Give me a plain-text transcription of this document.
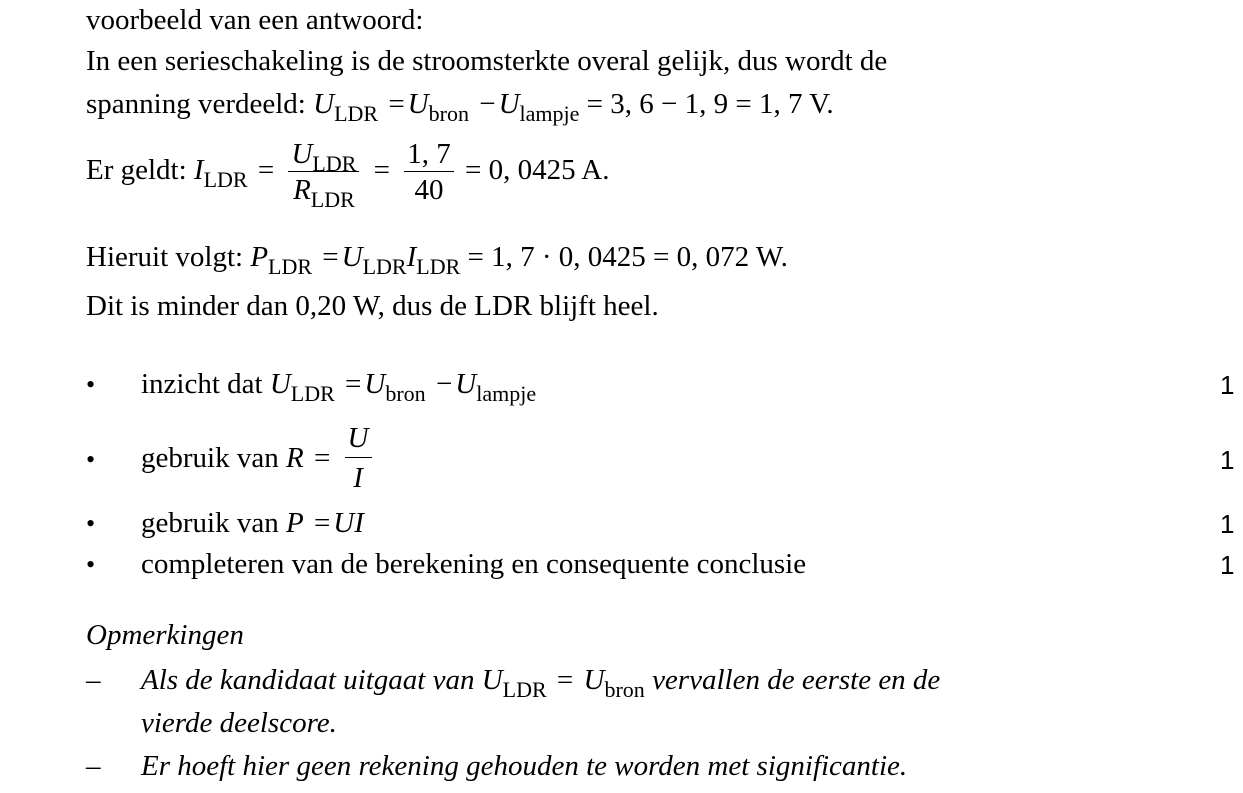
voorbeeld van een antwoord:
In een serieschakeling is de stroomsterkte overal gelijk, dus wordt de
spanning verdeeld: $U_{LDR} = U_{bron} - U_{lampje} = 3$, 6 − 1, 9 = 1, 7 V.
Er geldt: $I_{LDR} = \frac{U_{LDR}}{R_{LDR}} = \frac{1, 7}{40} = 0$, 0425 A.
Hieruit volgt: $P_{LDR} = U_{LDR}I_{LDR} = 1$, 7 · 0, 0425 = 0, 072 W.
Dit is minder dan 0,20 W, dus de LDR blijft heel.
• inzicht dat $U_{LDR} = U_{bron} - U_{lampje}$	1
• gebruik van $R = \frac{U}{I}$	1
• gebruik van P = UI	1
• completeren van de berekening en consequente conclusie	1
Opmerkingen
– Als de kandidaat uitgaat van $U_{LDR} = U_{bron}$ vervallen de eerste en de
vierde deelscore.
– Er hoeft hier geen rekening gehouden te worden met significantie.
